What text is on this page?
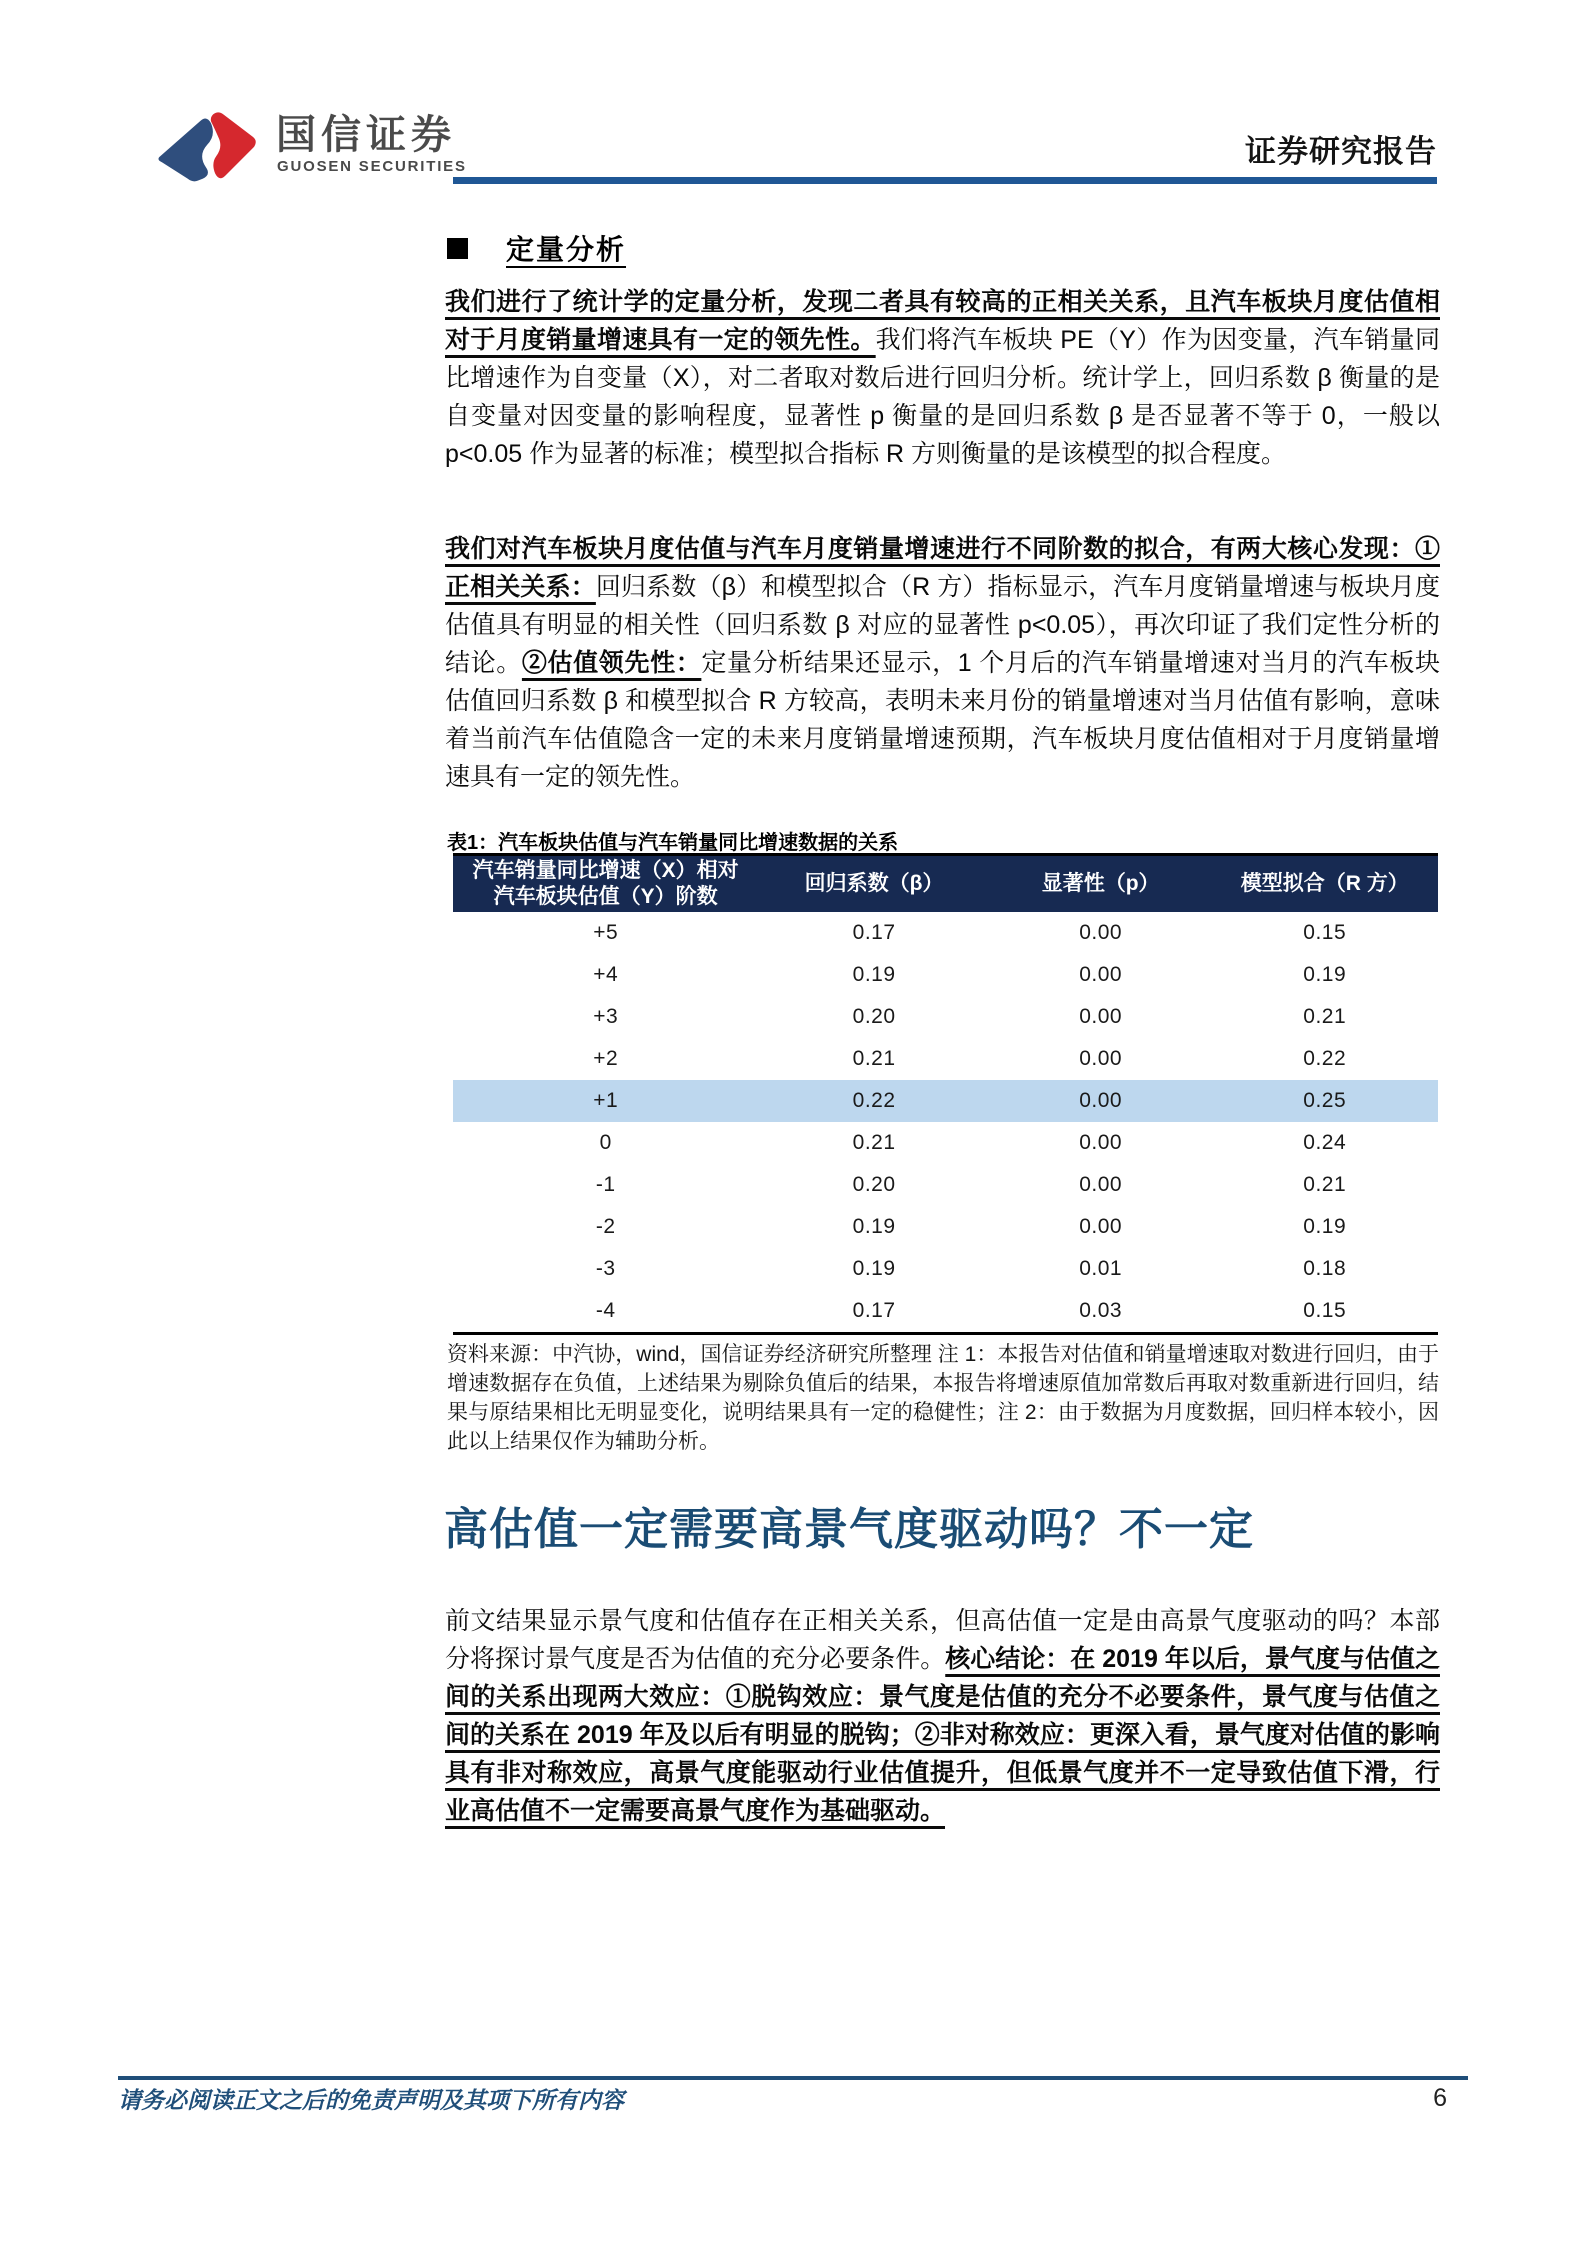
国信证券
GUOSEN SECURITIES	证券研究报告
定量分析
我们进行了统计学的定量分析，发现二者具有较高的正相关关系，且汽车板块月度估值相对于月度销量增速具有一定的领先性。我们将汽车板块 PE（Y）作为因变量，汽车销量同比增速作为自变量（X），对二者取对数后进行回归分析。统计学上，回归系数 β 衡量的是自变量对因变量的影响程度，显著性 p 衡量的是回归系数 β 是否显著不等于 0，一般以 p<0.05 作为显著的标准；模型拟合指标 R 方则衡量的是该模型的拟合程度。
我们对汽车板块月度估值与汽车月度销量增速进行不同阶数的拟合，有两大核心发现：①正相关关系：回归系数（β）和模型拟合（R 方）指标显示，汽车月度销量增速与板块月度估值具有明显的相关性（回归系数 β 对应的显著性 p<0.05），再次印证了我们定性分析的结论。②估值领先性：定量分析结果还显示，1 个月后的汽车销量增速对当月的汽车板块估值回归系数 β 和模型拟合 R 方较高，表明未来月份的销量增速对当月估值有影响，意味着当前汽车估值隐含一定的未来月度销量增速预期，汽车板块月度估值相对于月度销量增速具有一定的领先性。
表1：汽车板块估值与汽车销量同比增速数据的关系
汽车销量同比增速（X）相对
汽车板块估值（Y）阶数	回归系数（β）	显著性（p）	模型拟合（R 方）
+5	0.17	0.00	0.15
+4	0.19	0.00	0.19
+3	0.20	0.00	0.21
+2	0.21	0.00	0.22
+1	0.22	0.00	0.25
0	0.21	0.00	0.24
-1	0.20	0.00	0.21
-2	0.19	0.00	0.19
-3	0.19	0.01	0.18
-4	0.17	0.03	0.15
资料来源：中汽协，wind，国信证券经济研究所整理 注 1：本报告对估值和销量增速取对数进行回归，由于增速数据存在负值，上述结果为剔除负值后的结果，本报告将增速原值加常数后再取对数重新进行回归，结果与原结果相比无明显变化，说明结果具有一定的稳健性；注 2：由于数据为月度数据，回归样本较小，因此以上结果仅作为辅助分析。
高估值一定需要高景气度驱动吗？不一定
前文结果显示景气度和估值存在正相关关系，但高估值一定是由高景气度驱动的吗？本部分将探讨景气度是否为估值的充分必要条件。核心结论：在 2019 年以后，景气度与估值之间的关系出现两大效应：①脱钩效应：景气度是估值的充分不必要条件，景气度与估值之间的关系在 2019 年及以后有明显的脱钩；②非对称效应：更深入看，景气度对估值的影响具有非对称效应，高景气度能驱动行业估值提升，但低景气度并不一定导致估值下滑，行业高估值不一定需要高景气度作为基础驱动。
请务必阅读正文之后的免责声明及其项下所有内容	6
